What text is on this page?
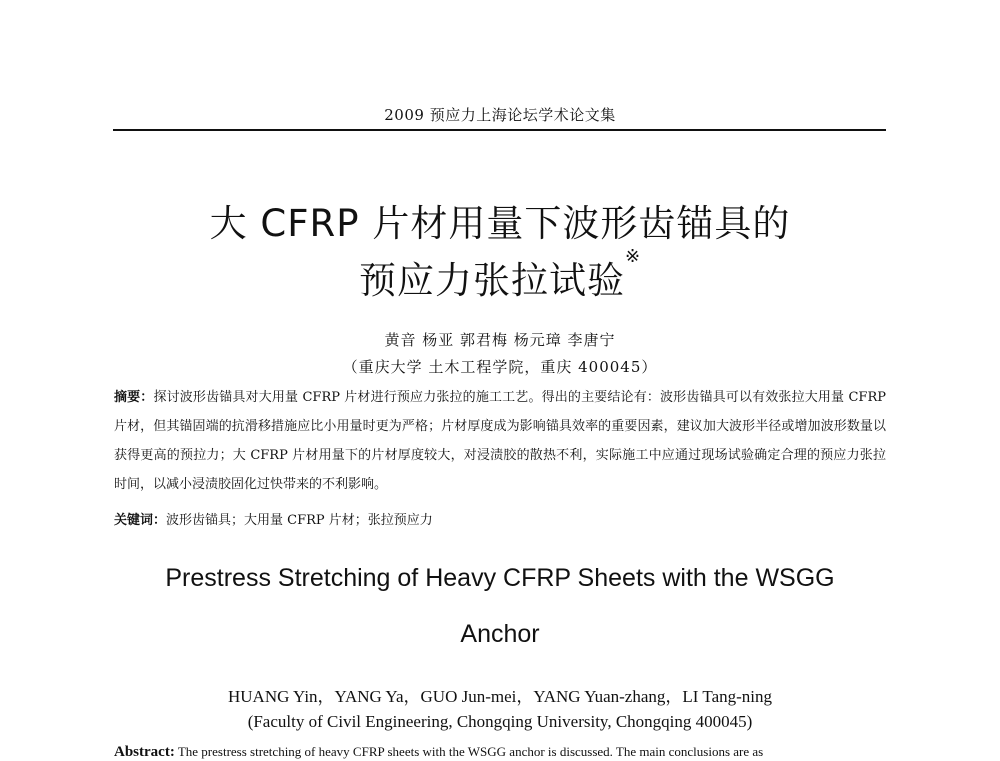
2009 预应力上海论坛学术论文集
大 CFRP 片材用量下波形齿锚具的
预应力张拉试验※
黄音 杨亚 郭君梅 杨元璋 李唐宁
（重庆大学 土木工程学院，重庆 400045）

摘要：探讨波形齿锚具对大用量 CFRP 片材进行预应力张拉的施工工艺。得出的主要结论有：波形齿锚具可以有效张拉大用量 CFRP 片材，但其锚固端的抗滑移措施应比小用量时更为严格；片材厚度成为影响锚具效率的重要因素，建议加大波形半径或增加波形数量以获得更高的预拉力；大 CFRP 片材用量下的片材厚度较大，对浸渍胶的散热不利，实际施工中应通过现场试验确定合理的预应力张拉时间，以减小浸渍胶固化过快带来的不利影响。

关键词：波形齿锚具；大用量 CFRP 片材；张拉预应力

Prestress Stretching of Heavy CFRP Sheets with the WSGG
Anchor
HUANG Yin，YANG Ya，GUO Jun-mei，YANG Yuan-zhang，LI Tang-ning
(Faculty of Civil Engineering, Chongqing University, Chongqing 400045)

Abstract: The prestress stretching of heavy CFRP sheets with the WSGG anchor is discussed. The main conclusions are as
